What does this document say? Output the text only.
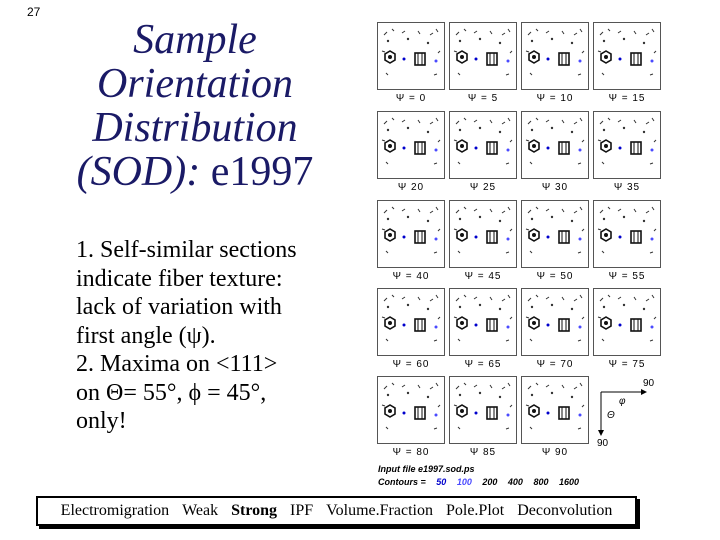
27
Sample
Orientation
Distribution
(SOD): e1997
1. Self-similar sections
indicate fiber texture:
lack of variation with
first angle (ψ).
2. Maxima on <111>
on Θ= 55°, ϕ = 45°,
only!
Ψ = 0	Ψ = 5	Ψ = 10	Ψ = 15
Ψ 20	Ψ 25	Ψ 30	Ψ 35
Ψ = 40	Ψ = 45	Ψ = 50	Ψ = 55
Ψ = 60	Ψ = 65	Ψ = 70	Ψ = 75
Ψ = 80	Ψ 85	Ψ 90
90
φ
Θ
90
Input file e1997.sod.ps
Contours = 50 100 200 400 800 1600
Electromigration Weak Strong IPF Volume.Fraction Pole.Plot Deconvolution
